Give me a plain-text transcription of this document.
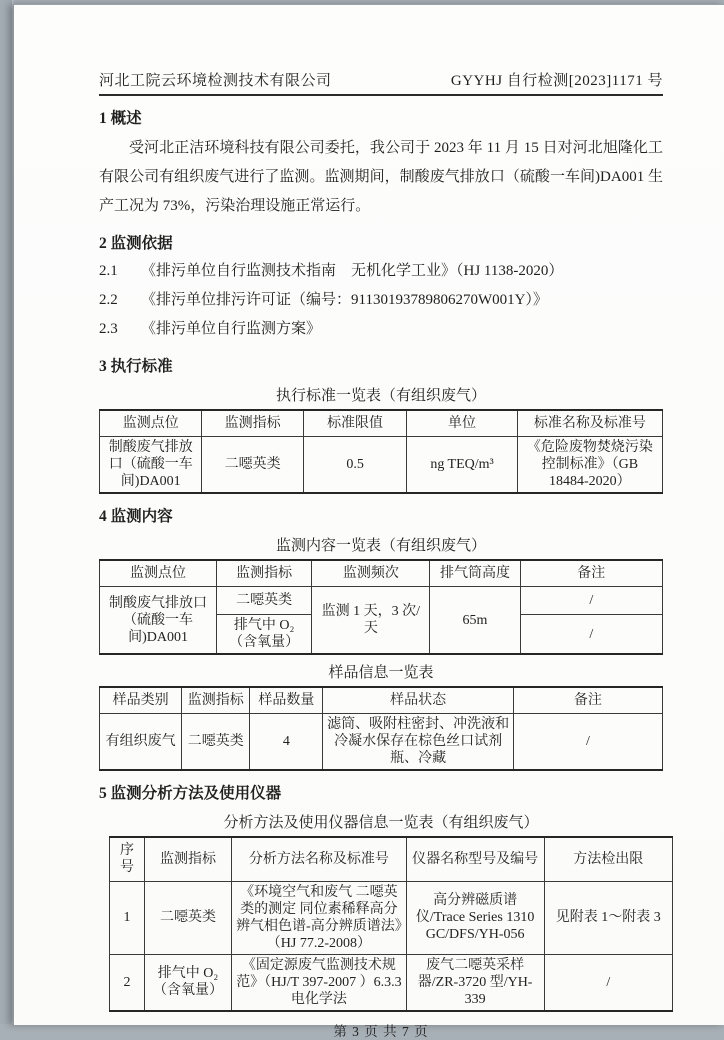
河北工院云环境检测技术有限公司	GYYHJ 自行检测[2023]1171 号
1 概述

受河北正洁环境科技有限公司委托，我公司于 2023 年 11 月 15 日对河北旭隆化工有限公司有组织废气进行了监测。监测期间，制酸废气排放口（硫酸一车间)DA001 生产工况为 73%，污染治理设施正常运行。

2 监测依据
2.1	《排污单位自行监测技术指南　无机化学工业》（HJ 1138-2020）
2.2	《排污单位排污许可证（编号：91130193789806270W001Y）》
2.3	《排污单位自行监测方案》
3 执行标准
执行标准一览表（有组织废气）
监测点位	监测指标	标准限值	单位	标准名称及标准号
制酸废气排放口（硫酸一车间)DA001	二噁英类	0.5	ng TEQ/m³	《危险废物焚烧污染控制标准》（GB 18484-2020）
4 监测内容
监测内容一览表（有组织废气）
监测点位	监测指标	监测频次	排气筒高度	备注
制酸废气排放口（硫酸一车间)DA001	二噁英类	监测 1 天，3 次/天	65m	/
	排气中 O₂（含氧量）			/
样品信息一览表
样品类别	监测指标	样品数量	样品状态	备注
有组织废气	二噁英类	4	滤筒、吸附柱密封、冲洗液和冷凝水保存在棕色丝口试剂瓶、冷藏	/
5 监测分析方法及使用仪器
分析方法及使用仪器信息一览表（有组织废气）
序号	监测指标	分析方法名称及标准号	仪器名称型号及编号	方法检出限
1	二噁英类	《环境空气和废气 二噁英类的测定 同位素稀释高分辨气相色谱-高分辨质谱法》（HJ 77.2-2008）	高分辨磁质谱仪/Trace Series 1310 GC/DFS/YH-056	见附表 1～附表 3
2	排气中 O₂（含氧量）	《固定源废气监测技术规范》（HJ/T 397-2007 ）6.3.3 电化学法	废气二噁英采样器/ZR-3720 型/YH-339	/
第 3 页 共 7 页
